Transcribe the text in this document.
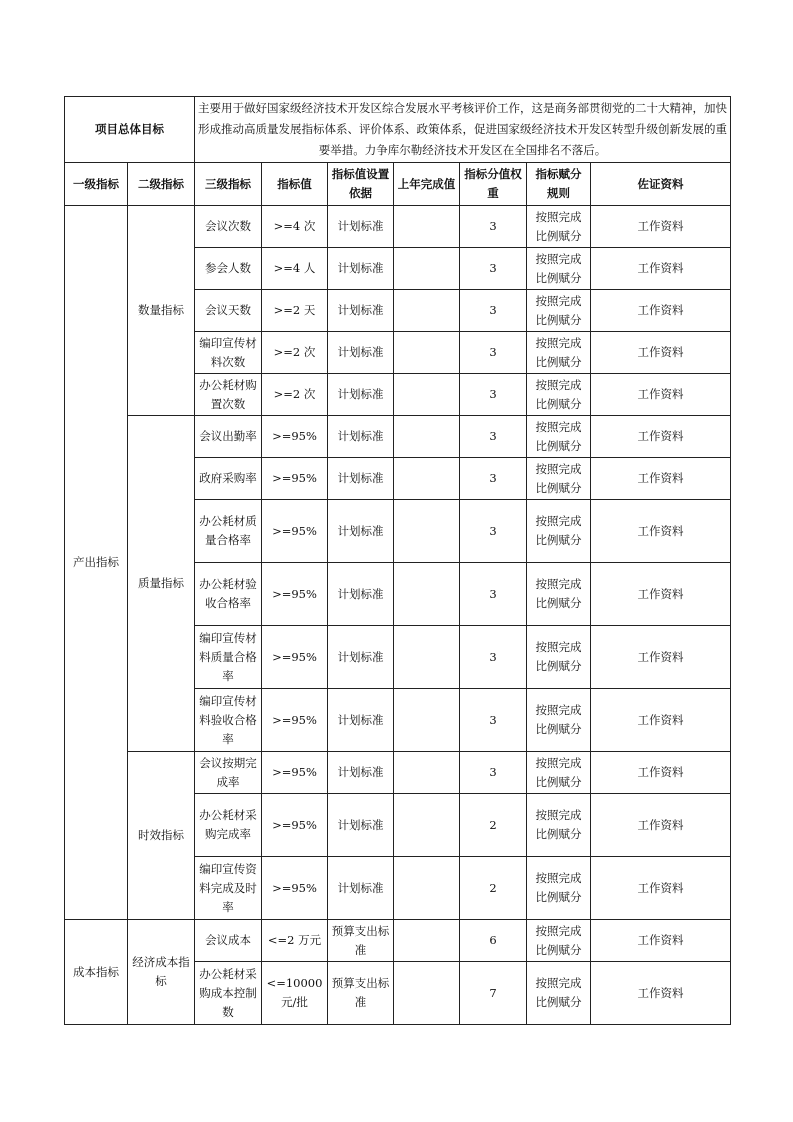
项目总体目标		主要用于做好国家级经济技术开发区综合发展水平考核评价工作，这是商务部贯彻党的二十大精神，加快形成推动高质量发展指标体系、评价体系、政策体系，促进国家级经济技术开发区转型升级创新发展的重要举措。力争库尔勒经济技术开发区在全国排名不落后。						
一级指标	二级指标	三级指标	指标值	指标值设置依据	上年完成值	指标分值权重	指标赋分规则	佐证资料
产出指标	数量指标	会议次数	>=4 次	计划标准		3	按照完成比例赋分	工作资料
		参会人数	>=4 人	计划标准		3	按照完成比例赋分	工作资料
		会议天数	>=2 天	计划标准		3	按照完成比例赋分	工作资料
		编印宣传材料次数	>=2 次	计划标准		3	按照完成比例赋分	工作资料
		办公耗材购置次数	>=2 次	计划标准		3	按照完成比例赋分	工作资料
	质量指标	会议出勤率	>=95%	计划标准		3	按照完成比例赋分	工作资料
		政府采购率	>=95%	计划标准		3	按照完成比例赋分	工作资料
		办公耗材质量合格率	>=95%	计划标准		3	按照完成比例赋分	工作资料
		办公耗材验收合格率	>=95%	计划标准		3	按照完成比例赋分	工作资料
		编印宣传材料质量合格率	>=95%	计划标准		3	按照完成比例赋分	工作资料
		编印宣传材料验收合格率	>=95%	计划标准		3	按照完成比例赋分	工作资料
	时效指标	会议按期完成率	>=95%	计划标准		3	按照完成比例赋分	工作资料
		办公耗材采购完成率	>=95%	计划标准		2	按照完成比例赋分	工作资料
		编印宣传资料完成及时率	>=95%	计划标准		2	按照完成比例赋分	工作资料
成本指标	经济成本指标	会议成本	<=2 万元	预算支出标准		6	按照完成比例赋分	工作资料
		办公耗材采购成本控制数	<=10000 元/批	预算支出标准		7	按照完成比例赋分	工作资料
